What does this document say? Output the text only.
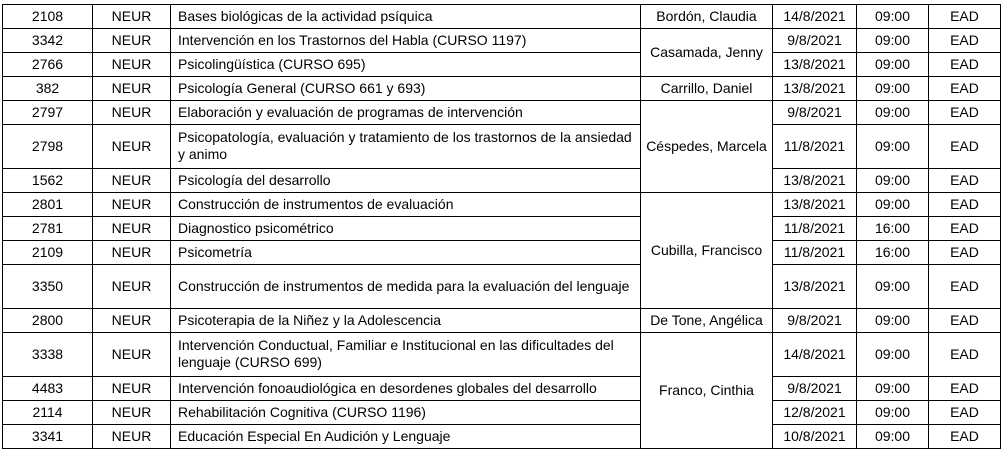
2108	NEUR	Bases biológicas de la actividad psíquica	Bordón, Claudia	14/8/2021	09:00	EAD
3342	NEUR	Intervención en los Trastornos del Habla (CURSO 1197)	Casamada, Jenny	9/8/2021	09:00	EAD
2766	NEUR	Psicolingüística (CURSO 695)		13/8/2021	09:00	EAD
382	NEUR	Psicología General (CURSO 661 y 693)	Carrillo, Daniel	13/8/2021	09:00	EAD
2797	NEUR	Elaboración y evaluación de programas de intervención	Céspedes, Marcela	9/8/2021	09:00	EAD
2798	NEUR	Psicopatología, evaluación y tratamiento de los trastornos de la ansiedad y animo		11/8/2021	09:00	EAD
1562	NEUR	Psicología del desarrollo		13/8/2021	09:00	EAD
2801	NEUR	Construcción de instrumentos de evaluación	Cubilla, Francisco	13/8/2021	09:00	EAD
2781	NEUR	Diagnostico psicométrico		11/8/2021	16:00	EAD
2109	NEUR	Psicometría		11/8/2021	16:00	EAD
3350	NEUR	Construcción de instrumentos de medida para la evaluación del lenguaje		13/8/2021	09:00	EAD
2800	NEUR	Psicoterapia de la Niñez y la Adolescencia	De Tone, Angélica	9/8/2021	09:00	EAD
3338	NEUR	Intervención Conductual, Familiar e Institucional en las dificultades del lenguaje (CURSO 699)	Franco, Cinthia	14/8/2021	09:00	EAD
4483	NEUR	Intervención fonoaudiológica en desordenes globales del desarrollo		9/8/2021	09:00	EAD
2114	NEUR	Rehabilitación Cognitiva (CURSO 1196)		12/8/2021	09:00	EAD
3341	NEUR	Educación Especial En Audición y Lenguaje		10/8/2021	09:00	EAD
